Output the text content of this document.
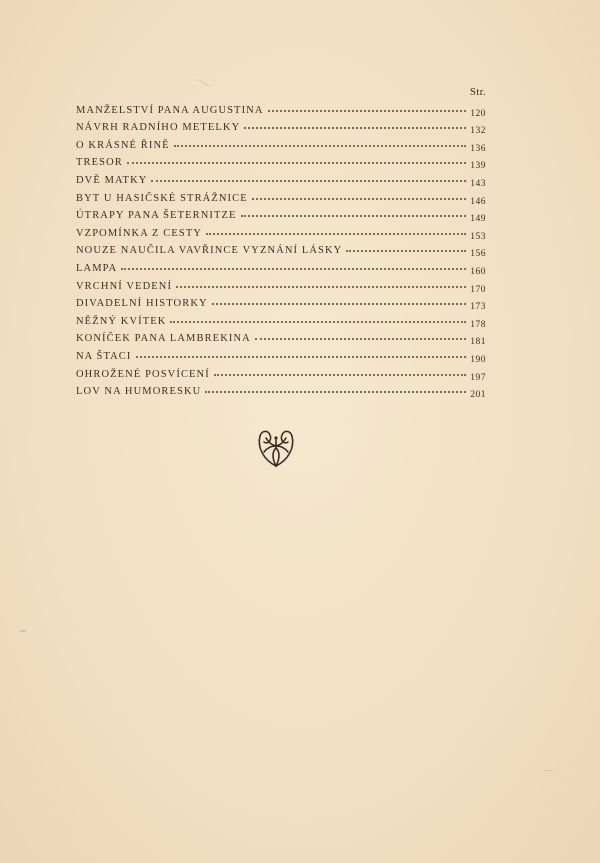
Str.
MANŽELSTVÍ PANA AUGUSTINA	120
NÁVRH RADNÍHO METELKY	132
O KRÁSNÉ ŘINĚ	136
TRESOR	139
DVĚ MATKY	143
BYT U HASIČSKÉ STRÁŽNICE	146
ÚTRAPY PANA ŠETERNITZE	149
VZPOMÍNKA Z CESTY	153
NOUZE NAUČILA VAVŘINCE VYZNÁNÍ LÁSKY	156
LAMPA	160
VRCHNÍ VEDENÍ	170
DIVADELNÍ HISTORKY	173
NĚŽNÝ KVÍTEK	178
KONÍČEK PANA LAMBREKINA	181
NA ŠTACI	190
OHROŽENÉ POSVÍCENÍ	197
LOV NA HUMORESKU	201
